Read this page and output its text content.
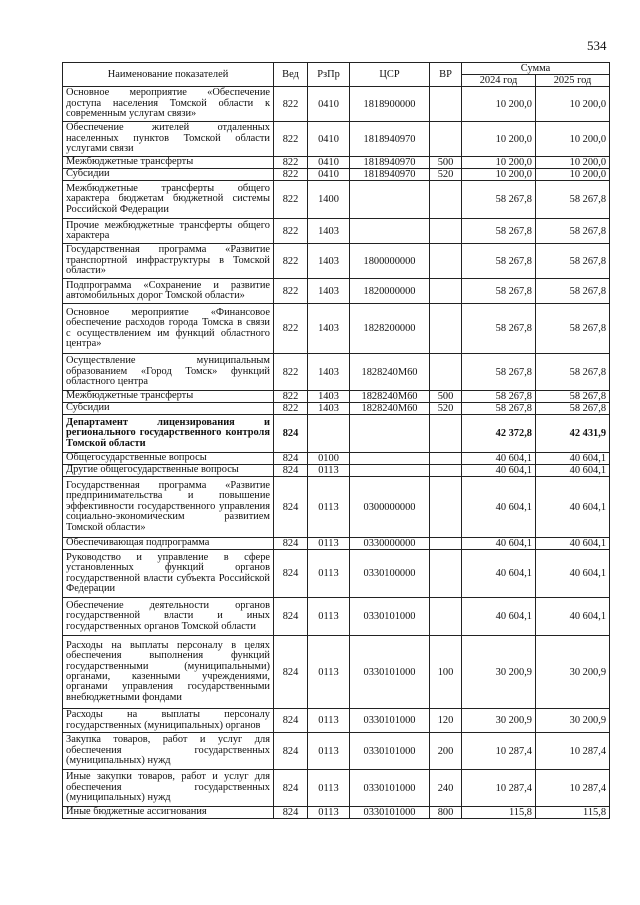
534
Наименование показателей	Вед	РзПр	ЦСР	ВР	Сумма	
					2024 год	2025 год
Основное мероприятие «Обеспечение доступа населения Томской области к современным услугам связи»	822	0410	1818900000		10 200,0	10 200,0
Обеспечение жителей отдаленных населенных пунктов Томской области услугами связи	822	0410	1818940970		10 200,0	10 200,0
Межбюджетные трансферты	822	0410	1818940970	500	10 200,0	10 200,0
Субсидии	822	0410	1818940970	520	10 200,0	10 200,0
Межбюджетные трансферты общего характера бюджетам бюджетной системы Российской Федерации	822	1400			58 267,8	58 267,8
Прочие межбюджетные трансферты общего характера	822	1403			58 267,8	58 267,8
Государственная программа «Развитие транспортной инфраструктуры в Томской области»	822	1403	1800000000		58 267,8	58 267,8
Подпрограмма «Сохранение и развитие автомобильных дорог Томской области»	822	1403	1820000000		58 267,8	58 267,8
Основное мероприятие «Финансовое обеспечение расходов города Томска в связи с осуществлением им функций областного центра»	822	1403	1828200000		58 267,8	58 267,8
Осуществление муниципальным образованием «Город Томск» функций областного центра	822	1403	1828240М60		58 267,8	58 267,8
Межбюджетные трансферты	822	1403	1828240М60	500	58 267,8	58 267,8
Субсидии	822	1403	1828240М60	520	58 267,8	58 267,8
Департамент лицензирования и регионального государственного контроля Томской области	824				42 372,8	42 431,9
Общегосударственные вопросы	824	0100			40 604,1	40 604,1
Другие общегосударственные вопросы	824	0113			40 604,1	40 604,1
Государственная программа «Развитие предпринимательства и повышение эффективности государственного управления социально-экономическим развитием Томской области»	824	0113	0300000000		40 604,1	40 604,1
Обеспечивающая подпрограмма	824	0113	0330000000		40 604,1	40 604,1
Руководство и управление в сфере установленных функций органов государственной власти субъекта Российской Федерации	824	0113	0330100000		40 604,1	40 604,1
Обеспечение деятельности органов государственной власти и иных государственных органов Томской области	824	0113	0330101000		40 604,1	40 604,1
Расходы на выплаты персоналу в целях обеспечения выполнения функций государственными (муниципальными) органами, казенными учреждениями, органами управления государственными внебюджетными фондами	824	0113	0330101000	100	30 200,9	30 200,9
Расходы на выплаты персоналу государственных (муниципальных) органов	824	0113	0330101000	120	30 200,9	30 200,9
Закупка товаров, работ и услуг для обеспечения государственных (муниципальных) нужд	824	0113	0330101000	200	10 287,4	10 287,4
Иные закупки товаров, работ и услуг для обеспечения государственных (муниципальных) нужд	824	0113	0330101000	240	10 287,4	10 287,4
Иные бюджетные ассигнования	824	0113	0330101000	800	115,8	115,8
